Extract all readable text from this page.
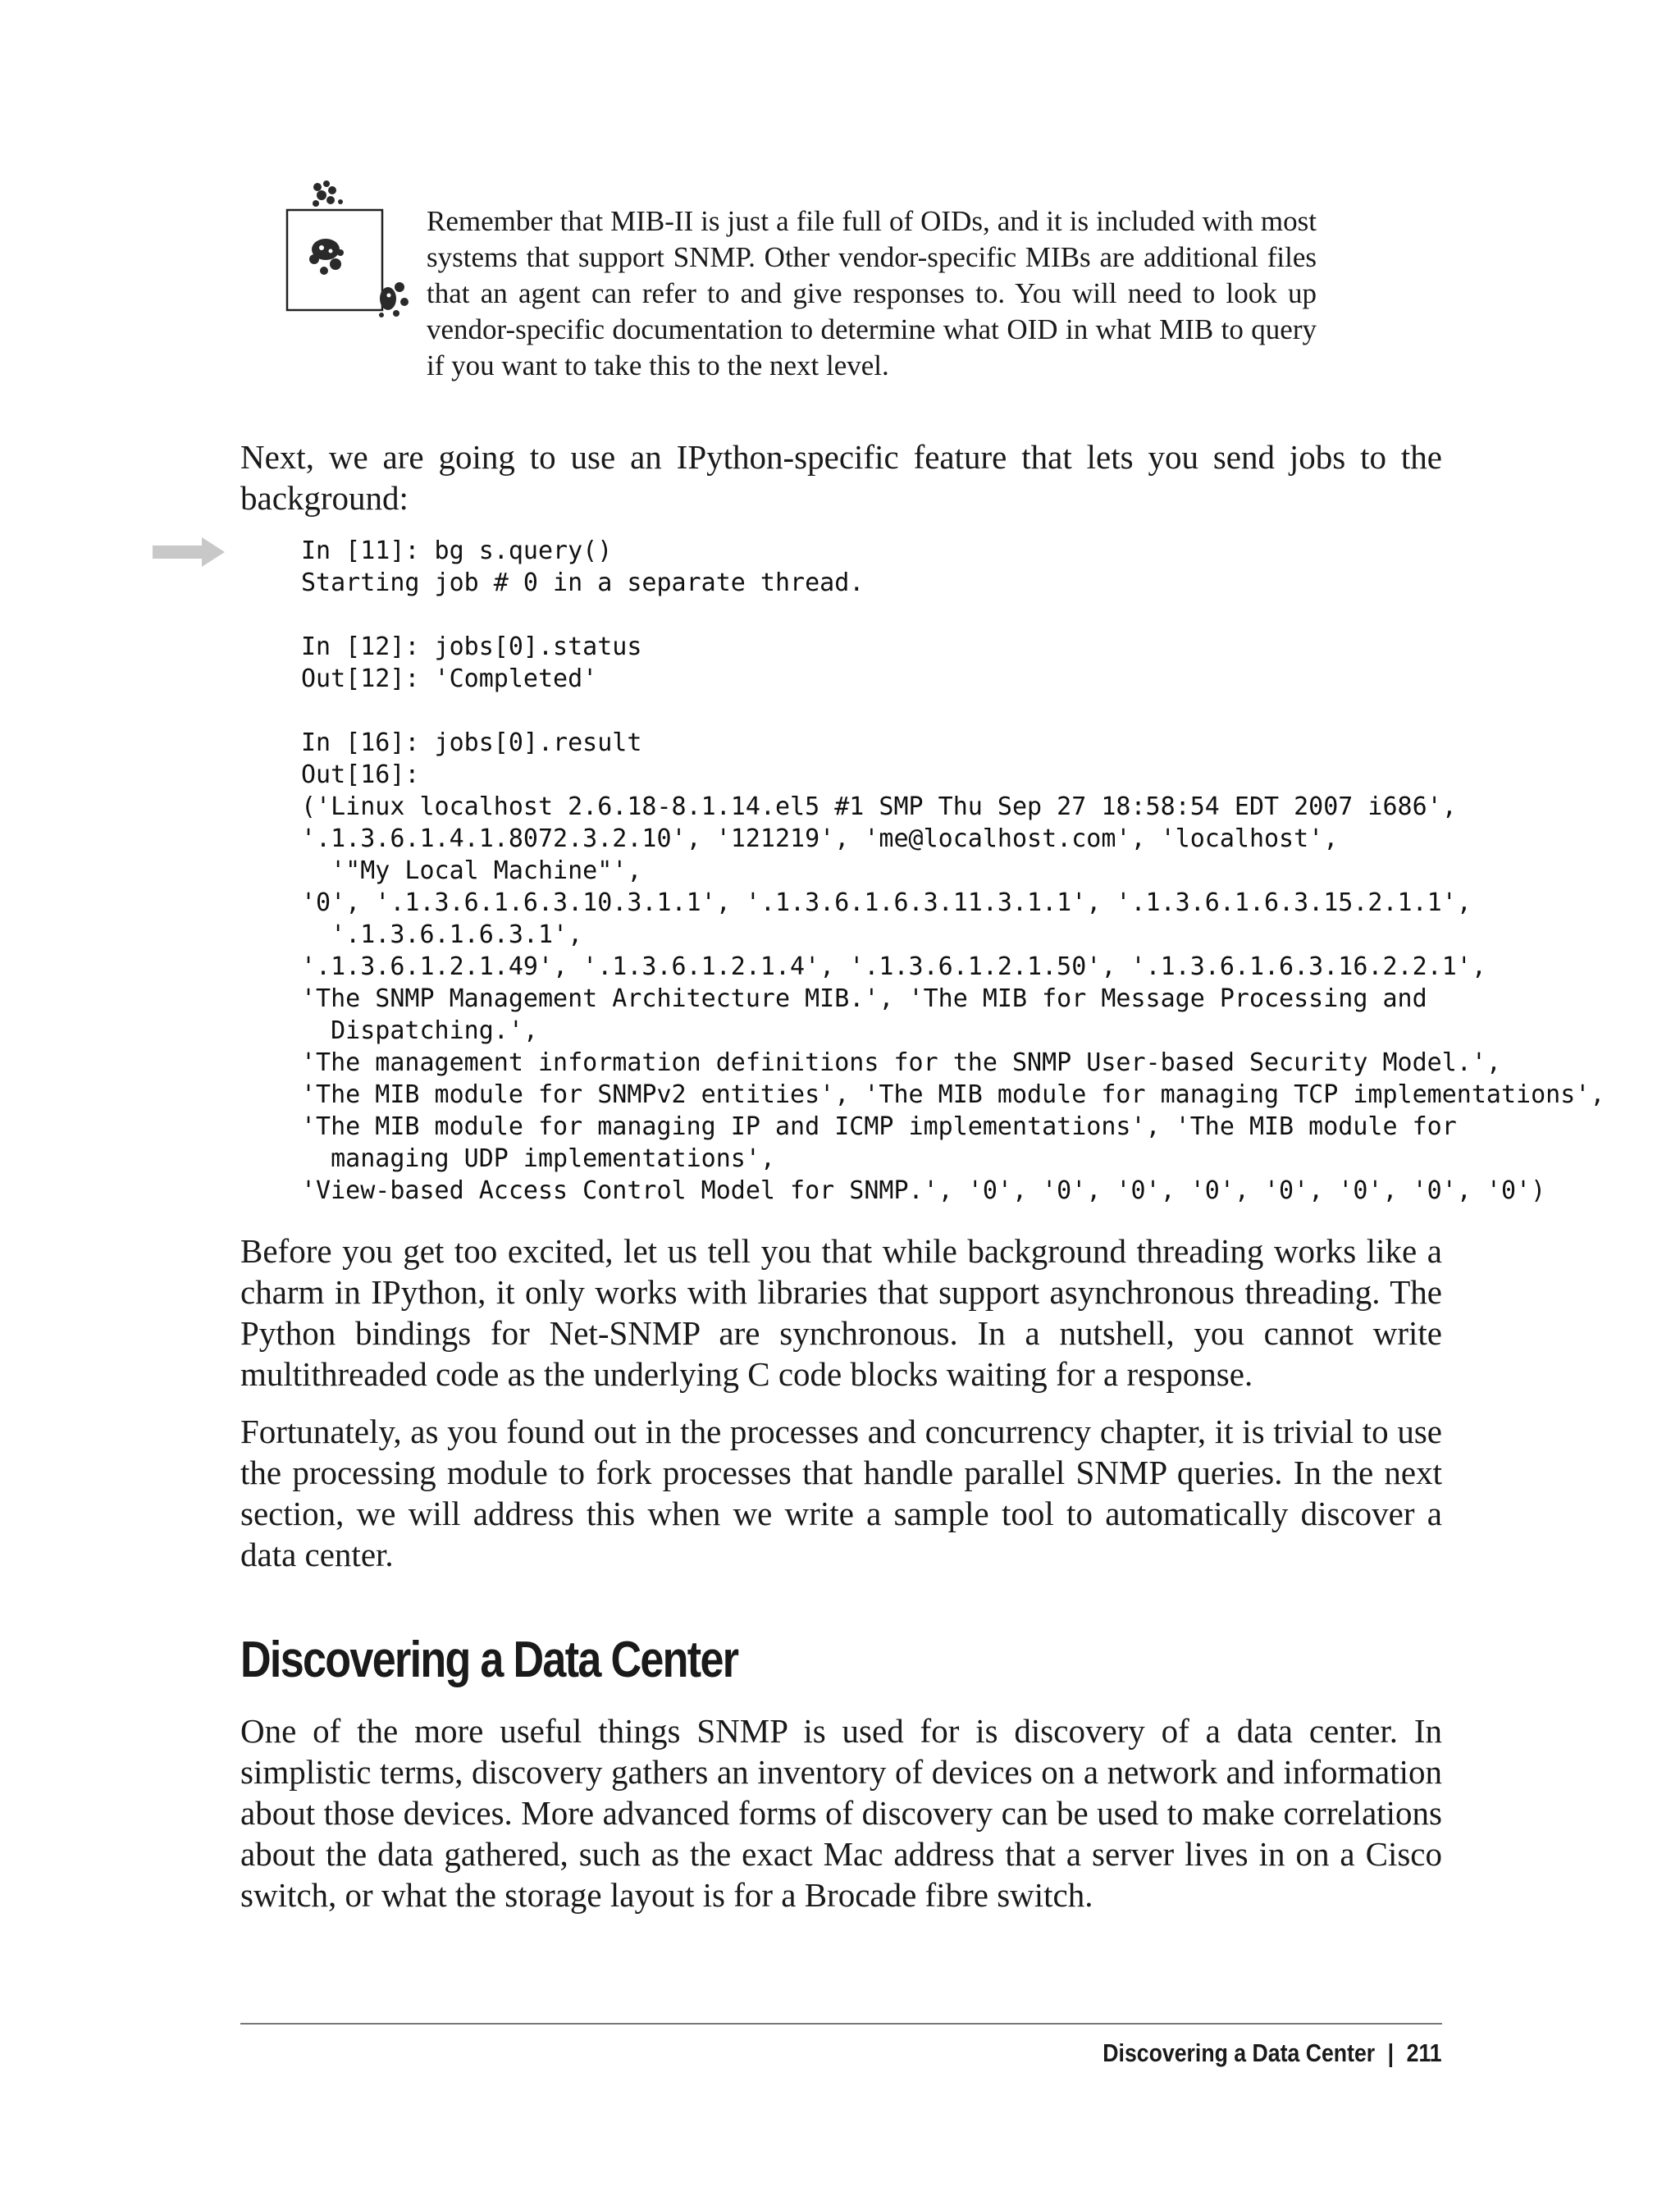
Remember that MIB-II is just a file full of OIDs, and it is included with most systems that support SNMP. Other vendor-specific MIBs are additional files that an agent can refer to and give responses to. You will need to look up vendor-specific documentation to determine what OID in what MIB to query if you want to take this to the next level.

Next, we are going to use an IPython-specific feature that lets you send jobs to the background:

In [11]: bg s.query()
Starting job # 0 in a separate thread.

In [12]: jobs[0].status
Out[12]: 'Completed'

In [16]: jobs[0].result
Out[16]:
('Linux localhost 2.6.18-8.1.14.el5 #1 SMP Thu Sep 27 18:58:54 EDT 2007 i686',
'.1.3.6.1.4.1.8072.3.2.10', '121219', 'me@localhost.com', 'localhost',
'"My Local Machine"',
'0', '.1.3.6.1.6.3.10.3.1.1', '.1.3.6.1.6.3.11.3.1.1', '.1.3.6.1.6.3.15.2.1.1',
'.1.3.6.1.6.3.1',
'.1.3.6.1.2.1.49', '.1.3.6.1.2.1.4', '.1.3.6.1.2.1.50', '.1.3.6.1.6.3.16.2.2.1',
'The SNMP Management Architecture MIB.', 'The MIB for Message Processing and
Dispatching.',
'The management information definitions for the SNMP User-based Security Model.',
'The MIB module for SNMPv2 entities', 'The MIB module for managing TCP implementations',
'The MIB module for managing IP and ICMP implementations', 'The MIB module for
managing UDP implementations',
'View-based Access Control Model for SNMP.', '0', '0', '0', '0', '0', '0', '0', '0')

Before you get too excited, let us tell you that while background threading works like a charm in IPython, it only works with libraries that support asynchronous threading. The Python bindings for Net-SNMP are synchronous. In a nutshell, you cannot write multithreaded code as the underlying C code blocks waiting for a response.

Fortunately, as you found out in the processes and concurrency chapter, it is trivial to use the processing module to fork processes that handle parallel SNMP queries. In the next section, we will address this when we write a sample tool to automatically discover a data center.

Discovering a Data Center

One of the more useful things SNMP is used for is discovery of a data center. In simplistic terms, discovery gathers an inventory of devices on a network and information about those devices. More advanced forms of discovery can be used to make correlations about the data gathered, such as the exact Mac address that a server lives in on a Cisco switch, or what the storage layout is for a Brocade fibre switch.

Discovering a Data Center | 211
